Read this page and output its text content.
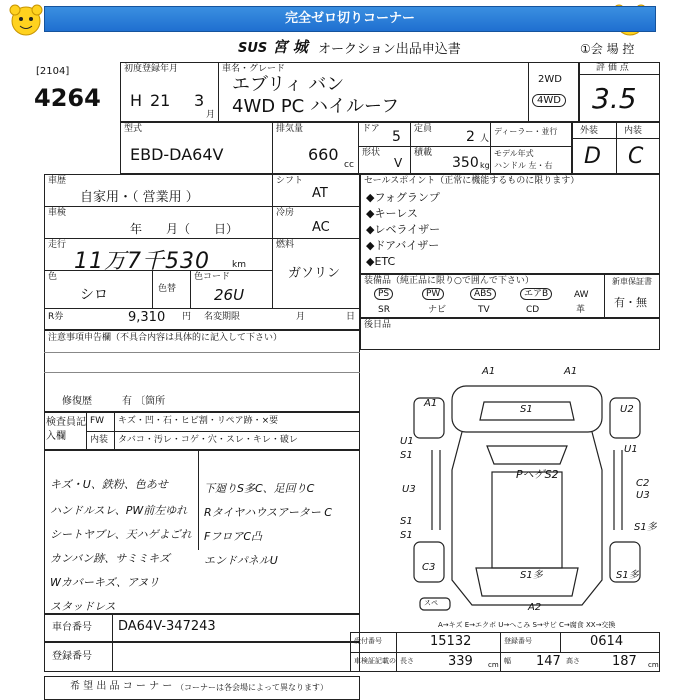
完全ゼロ切りコーナー
SUS 宮 城 オークション出品申込書	①会 場 控
[2104]
4264
初度登録年月
H 21 3
月
車名・グレード
エブリィ バン
4WD PC ハイルーフ
2WD
4WD
評 価 点
3.5
型式
EBD-DA64V
排気量
660
cc
ドア 5 定員 2 人
ディーラー・並行
形状
V
積載
350 kg
モデル年式
ハンドル 左・右
外装	内装
D C
車歴
自家用・（ 営業用 ）
車検
年　　月（　　日）
走行
11万7千530 km
色
シロ	色替
色コード
26U
シフト
AT
冷房
AC
燃料
ガソリン
R券	9,310 円 名変期限	月	日
セールスポイント（正常に機能するものに限ります）
◆フォグランプ
◆キーレス
◆レベライザー
◆ドアバイザー
◆ETC
装備品（純正品に限り○で囲んで下さい）	新車保証書
有・無
PS	PW	ABS	エアB	AW
SR	ナビ	TV	CD	革
後日品
注意事項申告欄（不具合内容は具体的に記入して下さい）
修復歴	有 〔箇所
検査員記入欄
FW キズ・凹・石・ヒビ割・リペア跡・×要
内装 タバコ・汚レ・コゲ・穴・スレ・キレ・破レ
キズ・U、鉄粉、色あせ
ハンドルスレ、PW前左ゆれ
シートヤブレ、天ハゲよごれ
カンバン跡、サミミキズ
Wカバーキズ、アヌリ
スタッドレス
下廻りS多C、足回りC
Rタイヤハウスアーター C
FフロアC凸
エンドパネルU
A1	A1
A1
S1	U2
U1
S1
U1
U3
S1
S1
PヘゲS2
C2
U3
S1多
S1多
C3
S1多
A2
スペ
A→キズ E→エクボ U→へこみ S→サビ C→腐食 XX→交換
車台番号 DA64V-347243
登録番号
受付番号	15132	登録番号	0614
車検証記載の 長さ	339 cm 幅 147 高さ 187 cm
希 望 出 品 コ ー ナ ー （コーナーは各会場によって異なります）
